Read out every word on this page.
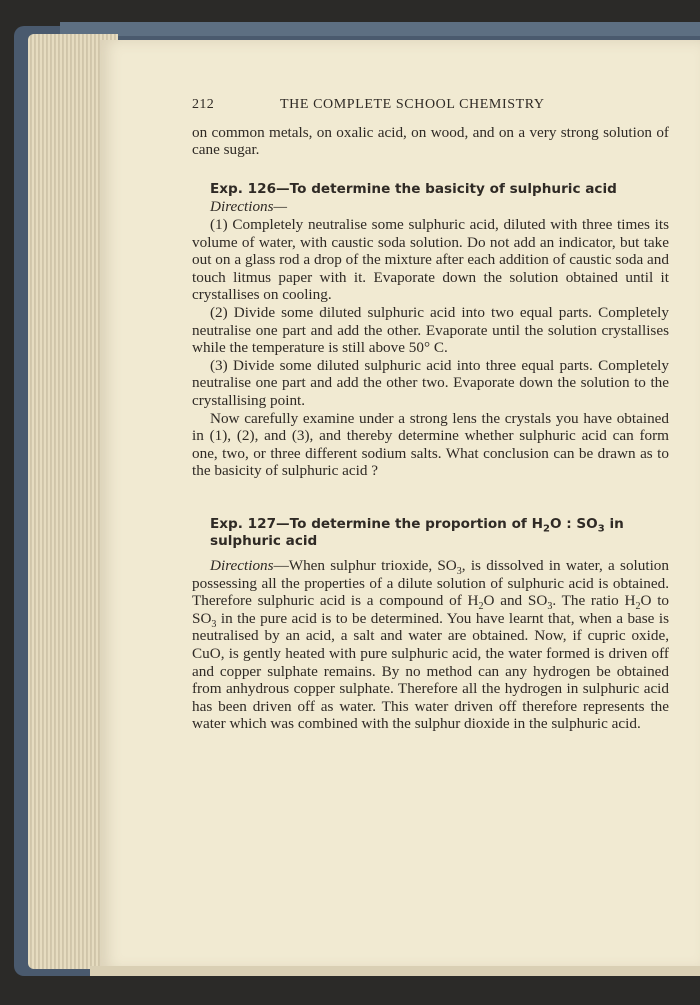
212	THE COMPLETE SCHOOL CHEMISTRY

on common metals, on oxalic acid, on wood, and on a very strong solution of cane sugar.

Exp. 126—To determine the basicity of sulphuric acid
Directions—

(1) Completely neutralise some sulphuric acid, diluted with three times its volume of water, with caustic soda solution. Do not add an indicator, but take out on a glass rod a drop of the mixture after each addition of caustic soda and touch litmus paper with it. Evaporate down the solution obtained until it crystallises on cooling.

(2) Divide some diluted sulphuric acid into two equal parts. Completely neutralise one part and add the other. Evaporate until the solution crystallises while the temperature is still above 50° C.

(3) Divide some diluted sulphuric acid into three equal parts. Completely neutralise one part and add the other two. Evaporate down the solution to the crystallising point.

Now carefully examine under a strong lens the crystals you have obtained in (1), (2), and (3), and thereby determine whether sulphuric acid can form one, two, or three different sodium salts. What conclusion can be drawn as to the basicity of sulphuric acid ?

Exp. 127—To determine the proportion of $H_2O$ : $SO_3$ in sulphuric acid

Directions—When sulphur trioxide, $SO_3$, is dissolved in water, a solution possessing all the properties of a dilute solution of sulphuric acid is obtained. Therefore sulphuric acid is a compound of $H_2O$ and $SO_3$. The ratio $H_2O$ to $SO_3$ in the pure acid is to be determined. You have learnt that, when a base is neutralised by an acid, a salt and water are obtained. Now, if cupric oxide, CuO, is gently heated with pure sulphuric acid, the water formed is driven off and copper sulphate remains. By no method can any hydrogen be obtained from anhydrous copper sulphate. Therefore all the hydrogen in sulphuric acid has been driven off as water. This water driven off therefore represents the water which was combined with the sulphur dioxide in the sulphuric acid.
